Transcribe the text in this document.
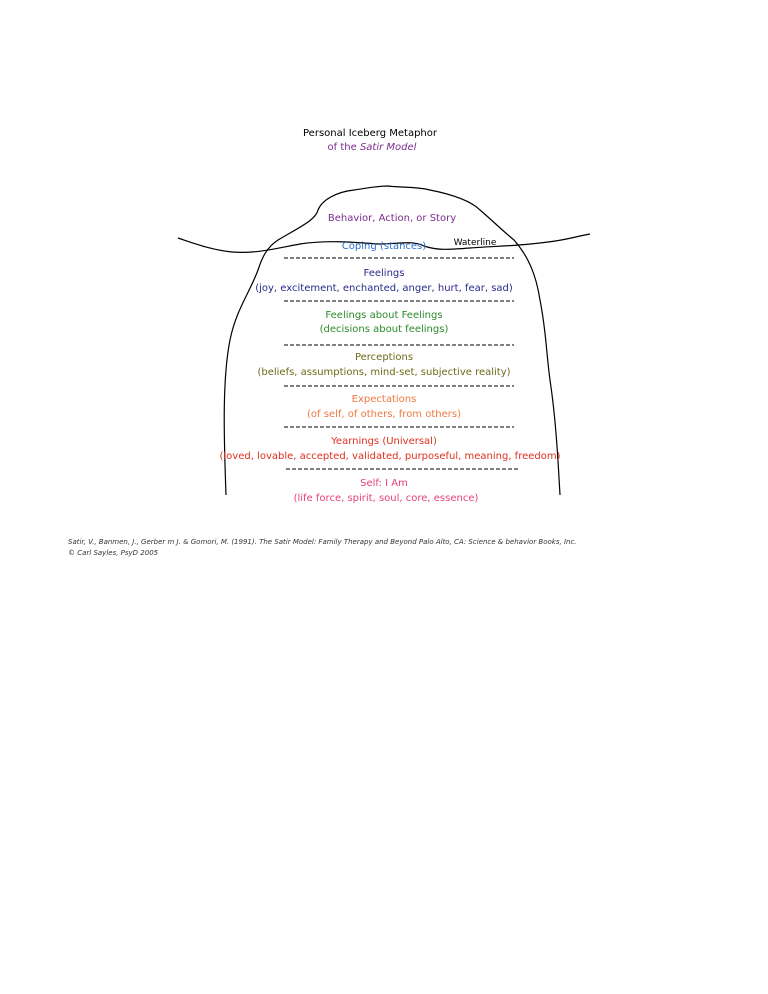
Personal Iceberg Metaphor
of the Satir Model
Waterline
Behavior, Action, or Story
Coping (stances)
Feelings
(joy, excitement, enchanted, anger, hurt, fear, sad)
Feelings about Feelings
(decisions about feelings)
Perceptions
(beliefs, assumptions, mind-set, subjective reality)
Expectations
(of self, of others, from others)
Yearnings (Universal)
(loved, lovable, accepted, validated, purposeful, meaning, freedom)
Self: I Am
(life force, spirit, soul, core, essence)
Satir, V., Banmen, J., Gerber m J. & Gomori, M. (1991). The Satir Model: Family Therapy and Beyond Palo Alto, CA: Science & behavior Books, Inc.
© Carl Sayles, PsyD 2005
